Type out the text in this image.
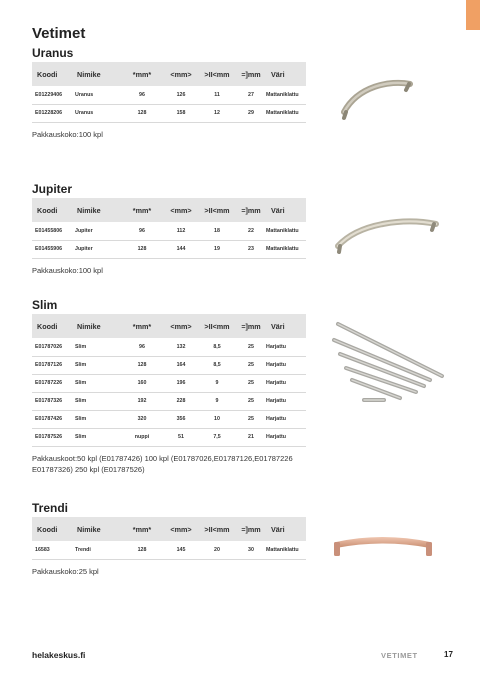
Vetimet
Uranus
Koodi	Nimike	*mm*	<mm>	>II<mm	=]mm	Väri
E01229406	Uranus	96	126	11	27	Mattaniklattu
E01228206	Uranus	128	158	12	29	Mattaniklattu
Pakkauskoko:100 kpl
Jupiter
Koodi	Nimike	*mm*	<mm>	>II<mm	=]mm	Väri
E01455806	Jupiter	96	112	18	22	Mattaniklattu
E01455906	Jupiter	128	144	19	23	Mattaniklattu
Pakkauskoko:100 kpl
Slim
Koodi	Nimike	*mm*	<mm>	>II<mm	=]mm	Väri
E01787026	Slim	96	132	8,5	25	Harjattu
E01787126	Slim	128	164	8,5	25	Harjattu
E01787226	Slim	160	196	9	25	Harjattu
E01787326	Slim	192	228	9	25	Harjattu
E01787426	Slim	320	356	10	25	Harjattu
E01787526	Slim	nuppi	51	7,5	21	Harjattu
Pakkauskoot:50 kpl (E01787426) 100 kpl (E01787026,E01787126,E01787226 E01787326) 250 kpl (E01787526)
Trendi
Koodi	Nimike	*mm*	<mm>	>II<mm	=]mm	Väri
16583	Trendi	128	145	20	30	Mattaniklattu
Pakkauskoko:25 kpl
helakeskus.fi	VETIMET	17
